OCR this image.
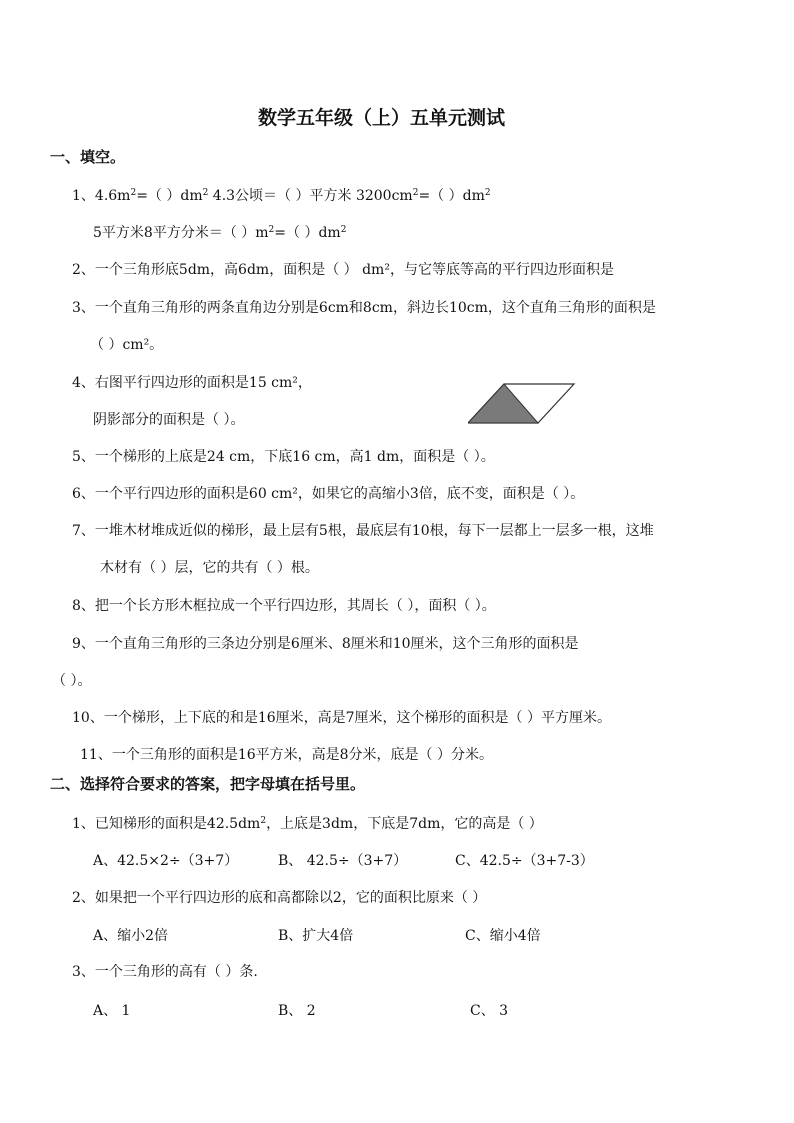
数学五年级（上）五单元测试
一、填空。
1、$4.6m^2=$（ ）$dm^2$ 4.3公顷＝（ ）平方米 $3200cm^2=$（ ）$dm^2$
5平方米8平方分米＝（ ）$m^2=$（ ）$dm^2$
2、一个三角形底5dm，高6dm，面积是（ ） dm²，与它等底等高的平行四边形面积是
3、一个直角三角形的两条直角边分别是6cm和8cm，斜边长10cm，这个直角三角形的面积是
（ ）cm²。
4、右图平行四边形的面积是15 cm²，
阴影部分的面积是（ ）。
5、一个梯形的上底是24 cm，下底16 cm，高1 dm，面积是（ ）。
6、一个平行四边形的面积是60 cm²，如果它的高缩小3倍，底不变，面积是（ ）。
7、一堆木材堆成近似的梯形，最上层有5根，最底层有10根，每下一层都上一层多一根，这堆
木材有（ ）层，它的共有（ ）根。
8、把一个长方形木框拉成一个平行四边形，其周长（ ），面积（ ）。
9、一个直角三角形的三条边分别是6厘米、8厘米和10厘米，这个三角形的面积是
（ ）。
10、一个梯形，上下底的和是16厘米，高是7厘米，这个梯形的面积是（ ）平方厘米。
11、一个三角形的面积是16平方米，高是8分米，底是（ ）分米。
二、选择符合要求的答案，把字母填在括号里。
1、已知梯形的面积是$42.5dm^2$，上底是3dm，下底是7dm，它的高是（ ）
A、42.5×2÷（3+7）	B、 42.5÷（3+7）	C、42.5÷（3+7-3）
2、如果把一个平行四边形的底和高都除以2，它的面积比原来（ ）
A、缩小2倍	B、扩大4倍	C、缩小4倍
3、一个三角形的高有（ ）条.
A、 1	B、 2	C、 3
